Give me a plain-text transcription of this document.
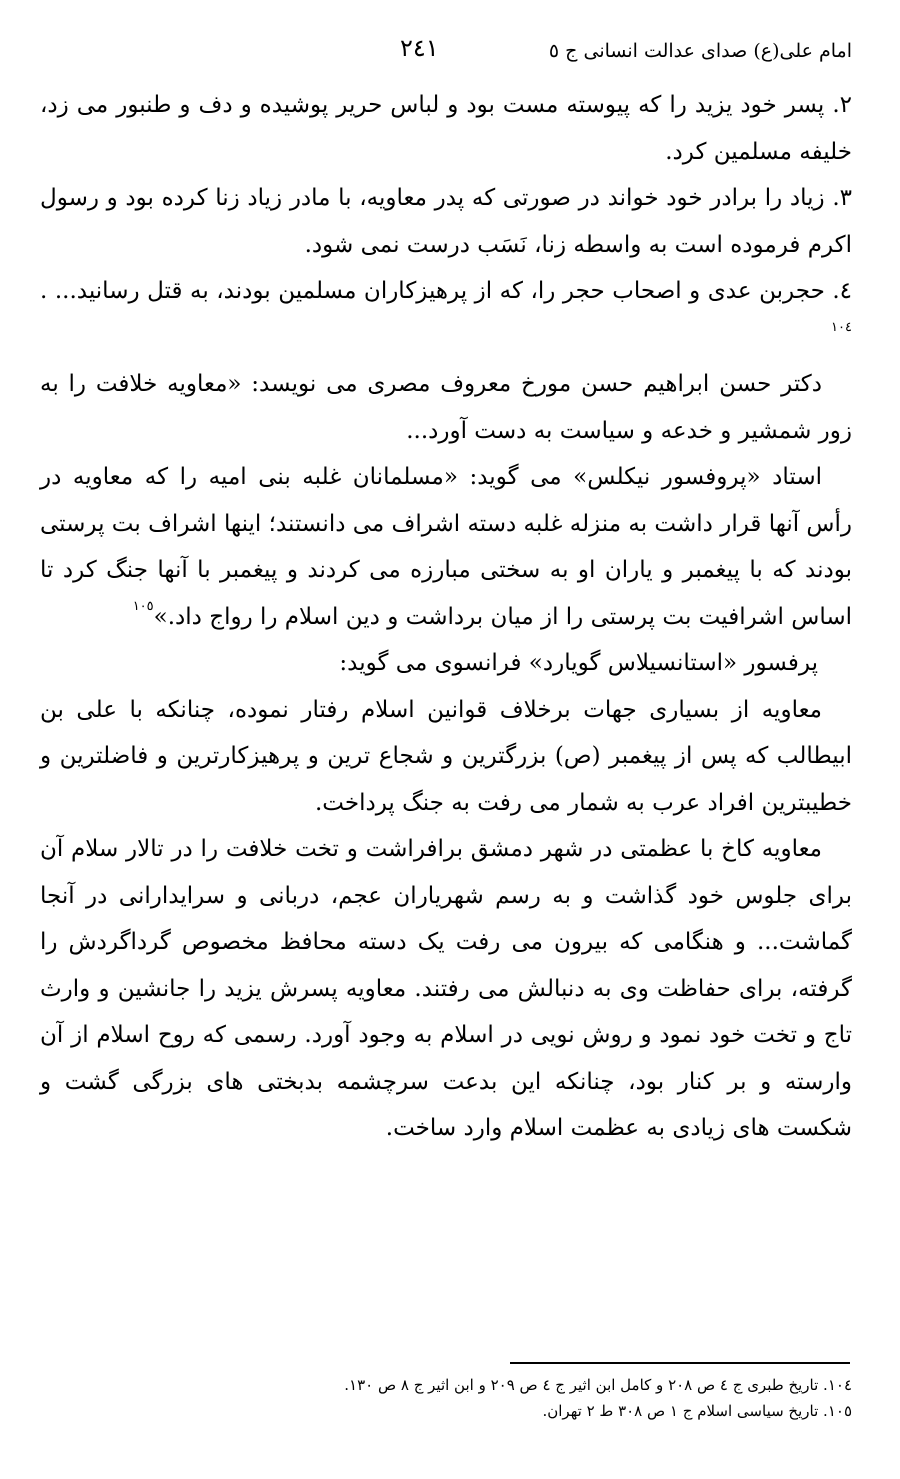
امام علی(ع) صدای عدالت انسانی ج ٥
۲٤۱

۲. پسر خود یزید را که پیوسته مست بود و لباس حریر پوشیده و دف و طنبور می زد، خلیفه مسلمین کرد.

۳. زیاد را برادر خود خواند در صورتی که پدر معاویه، با مادر زیاد زنا کرده بود و رسول اکرم فرموده است به واسطه زنا، نَسَب درست نمی شود.

٤. حجربن عدی و اصحاب حجر را، که از پرهیزکاران مسلمین بودند، به قتل رسانید... . $^{۱۰٤}$

دکتر حسن ابراهیم حسن مورخ معروف مصری می نویسد: «معاویه خلافت را به زور شمشیر و خدعه و سیاست به دست آورد...

استاد «پروفسور نیکلس» می گوید: «مسلمانان غلبه بنی امیه را که معاویه در رأس آنها قرار داشت به منزله غلبه دسته اشراف می دانستند؛ اینها اشراف بت پرستی بودند که با پیغمبر و یاران او به سختی مبارزه می کردند و پیغمبر با آنها جنگ کرد تا اساس اشرافیت بت پرستی را از میان برداشت و دین اسلام را رواج داد.»$^{۱۰٥}$

پرفسور «استانسیلاس گویارد» فرانسوی می گوید:

معاویه از بسیاری جهات برخلاف قوانین اسلام رفتار نموده، چنانکه با علی بن ابیطالب که پس از پیغمبر (ص) بزرگترین و شجاع ترین و پرهیزکارترین و فاضلترین و خطیبترین افراد عرب به شمار می رفت به جنگ پرداخت.

معاویه کاخ با عظمتی در شهر دمشق برافراشت و تخت خلافت را در تالار سلام آن برای جلوس خود گذاشت و به رسم شهریاران عجم، دربانی و سرایدارانی در آنجا گماشت... و هنگامی که بیرون می رفت یک دسته محافظ مخصوص گرداگردش را گرفته، برای حفاظت وی به دنبالش می رفتند. معاویه پسرش یزید را جانشین و وارث تاج و تخت خود نمود و روش نویی در اسلام به وجود آورد. رسمی که روح اسلام از آن وارسته و بر کنار بود، چنانکه این بدعت سرچشمه بدبختی های بزرگی گشت و شکست های زیادی به عظمت اسلام وارد ساخت.

۱۰٤. تاریخ طبری ج ٤ ص ۲۰۸ و کامل ابن اثیر ج ٤ ص ۲۰۹ و ابن اثیر ج ۸ ص ۱۳۰.

۱۰٥. تاریخ سیاسی اسلام ج ۱ ص ۳۰۸ ط ۲ تهران.
